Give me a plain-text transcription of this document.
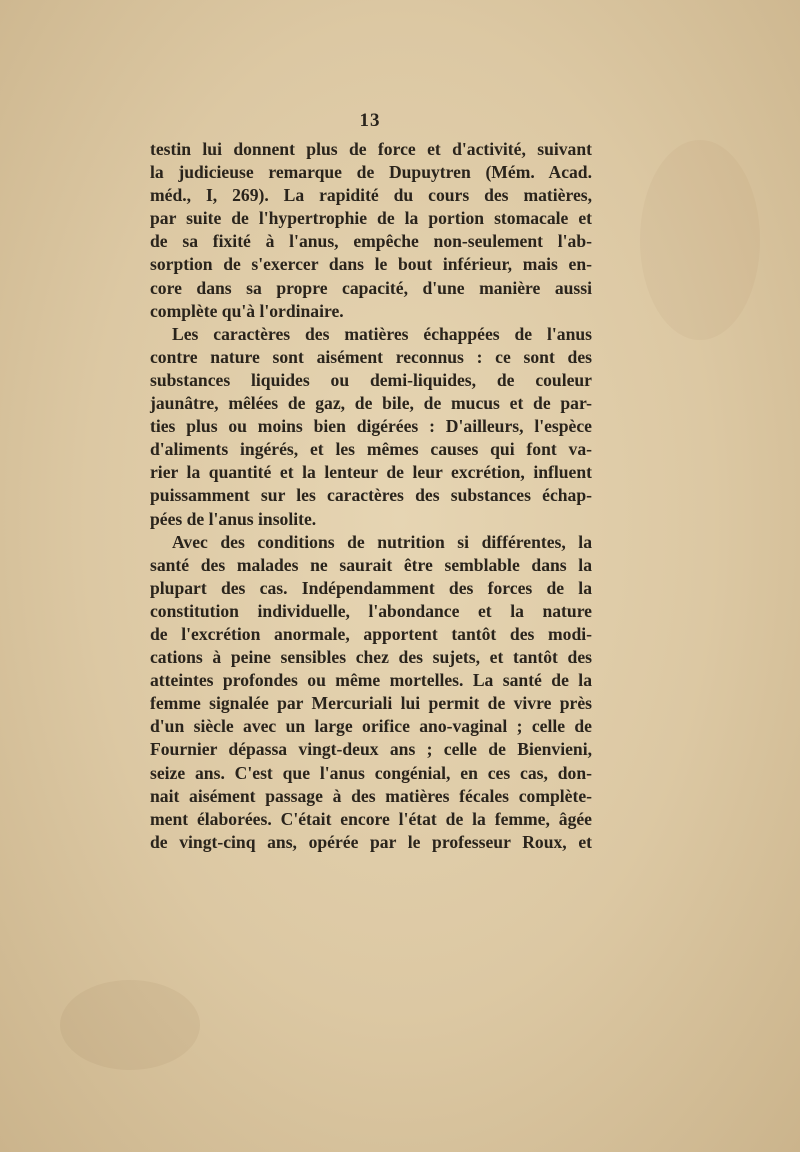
13
testin lui donnent plus de force et d'activité, suivant
la judicieuse remarque de Dupuytren (Mém. Acad.
méd., I, 269). La rapidité du cours des matières,
par suite de l'hypertrophie de la portion stomacale et
de sa fixité à l'anus, empêche non-seulement l'ab-
sorption de s'exercer dans le bout inférieur, mais en-
core dans sa propre capacité, d'une manière aussi
complète qu'à l'ordinaire.
Les caractères des matières échappées de l'anus
contre nature sont aisément reconnus : ce sont des
substances liquides ou demi-liquides, de couleur
jaunâtre, mêlées de gaz, de bile, de mucus et de par-
ties plus ou moins bien digérées : D'ailleurs, l'espèce
d'aliments ingérés, et les mêmes causes qui font va-
rier la quantité et la lenteur de leur excrétion, influent
puissamment sur les caractères des substances échap-
pées de l'anus insolite.
Avec des conditions de nutrition si différentes, la
santé des malades ne saurait être semblable dans la
plupart des cas. Indépendamment des forces de la
constitution individuelle, l'abondance et la nature
de l'excrétion anormale, apportent tantôt des modi-
cations à peine sensibles chez des sujets, et tantôt des
atteintes profondes ou même mortelles. La santé de la
femme signalée par Mercuriali lui permit de vivre près
d'un siècle avec un large orifice ano-vaginal ; celle de
Fournier dépassa vingt-deux ans ; celle de Bienvieni,
seize ans. C'est que l'anus congénial, en ces cas, don-
nait aisément passage à des matières fécales complète-
ment élaborées. C'était encore l'état de la femme, âgée
de vingt-cinq ans, opérée par le professeur Roux, et
